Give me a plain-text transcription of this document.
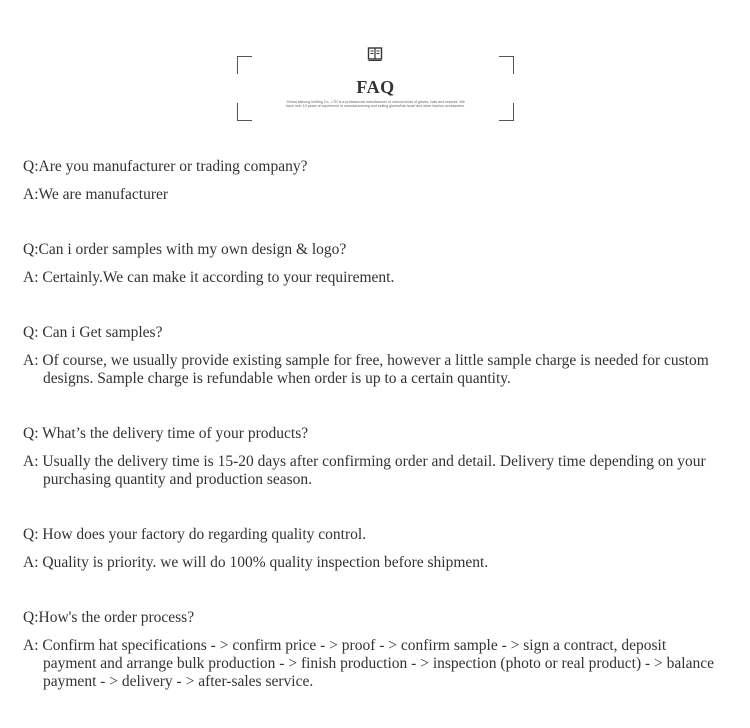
FAQ
Jinhua kaihong knitting Co., LTD is a professional manufacturer of various kinds of gloves, hats and scarves. We have over 10 years of experience in manufacturering and selling gloves/hat /scarf and other fashion accessories.
Q:Are you manufacturer or trading company?
A:We are manufacturer
Q:Can i order samples with my own design & logo?
A: Certainly.We can make it according to your requirement.
Q: Can i Get samples?
A: Of course, we usually provide existing sample for free, however a little sample charge is needed for custom designs. Sample charge is refundable when order is up to a certain quantity.
Q: What’s the delivery time of your products?
A: Usually the delivery time is 15-20 days after confirming order and detail. Delivery time depending on your purchasing quantity and production season.
Q: How does your factory do regarding quality control.
A: Quality is priority. we will do 100% quality inspection before shipment.
Q:How's the order process?
A: Confirm hat specifications - > confirm price - > proof - > confirm sample - > sign a contract, deposit payment and arrange bulk production - > finish production - > inspection (photo or real product) - > balance payment - > delivery - > after-sales service.
